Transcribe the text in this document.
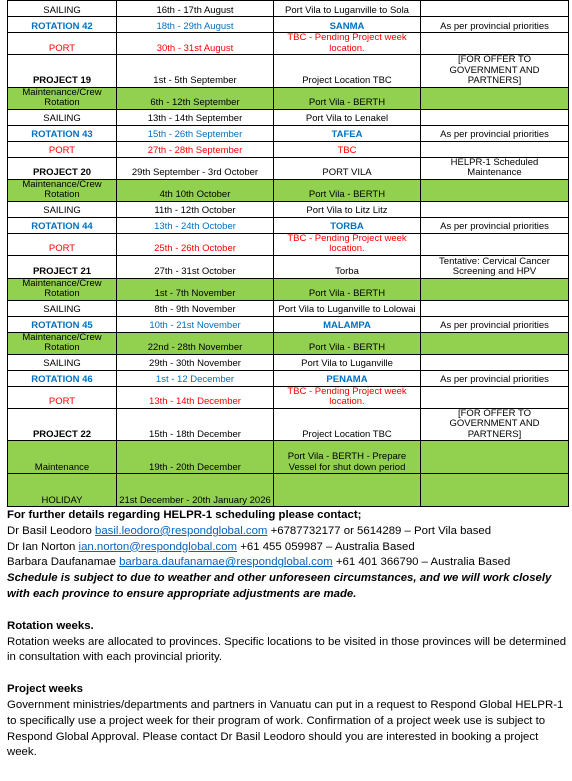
SAILING	16th - 17th August	Port Vila to Luganville to Sola	
ROTATION 42	18th - 29th August	SANMA	As per provincial priorities
PORT	30th - 31st August	TBC - Pending Project week location.	
PROJECT 19	1st - 5th September	Project Location TBC	[FOR OFFER TO GOVERNMENT AND PARTNERS]
Maintenance/Crew Rotation	6th - 12th September	Port Vila - BERTH	
SAILING	13th - 14th September	Port Vila to Lenakel	
ROTATION 43	15th - 26th September	TAFEA	As per provincial priorities
PORT	27th - 28th September	TBC	
PROJECT 20	29th September - 3rd October	PORT VILA	HELPR-1 Scheduled Maintenance
Maintenance/Crew Rotation	4th 10th October	Port Vila - BERTH	
SAILING	11th - 12th October	Port Vila to Litz Litz	
ROTATION 44	13th - 24th October	TORBA	As per provincial priorities
PORT	25th - 26th October	TBC - Pending Project week location.	
PROJECT 21	27th - 31st October	Torba	Tentative: Cervical Cancer Screening and HPV
Maintenance/Crew Rotation	1st - 7th November	Port Vila - BERTH	
SAILING	8th - 9th November	Port Vila to Luganville to Lolowai	
ROTATION 45	10th - 21st November	MALAMPA	As per provincial priorities
Maintenance/Crew Rotation	22nd - 28th November	Port Vila - BERTH	
SAILING	29th - 30th November	Port Vila to Luganville	
ROTATION 46	1st - 12 December	PENAMA	As per provincial priorities
PORT	13th - 14th December	TBC - Pending Project week location.	
PROJECT 22	15th - 18th December	Project Location TBC	[FOR OFFER TO GOVERNMENT AND PARTNERS]
Maintenance	19th - 20th December	Port Vila - BERTH - Prepare Vessel for shut down period	
HOLIDAY	21st December - 20th January 2026		

For further details regarding HELPR-1 scheduling please contact;

Dr Basil Leodoro basil.leodoro@respondglobal.com +6787732177 or 5614289 – Port Vila based

Dr Ian Norton ian.norton@respondglobal.com +61 455 059987 – Australia Based

Barbara Daufanamae barbara.daufanamae@respondglobal.com +61 401 366790 – Australia Based

Schedule is subject to due to weather and other unforeseen circumstances, and we will work closely with each province to ensure appropriate adjustments are made.

Rotation weeks.

Rotation weeks are allocated to provinces. Specific locations to be visited in those provinces will be determined in consultation with each provincial priority.

Project weeks

Government ministries/departments and partners in Vanuatu can put in a request to Respond Global HELPR-1 to specifically use a project week for their program of work. Confirmation of a project week use is subject to Respond Global Approval. Please contact Dr Basil Leodoro should you are interested in booking a project week.
